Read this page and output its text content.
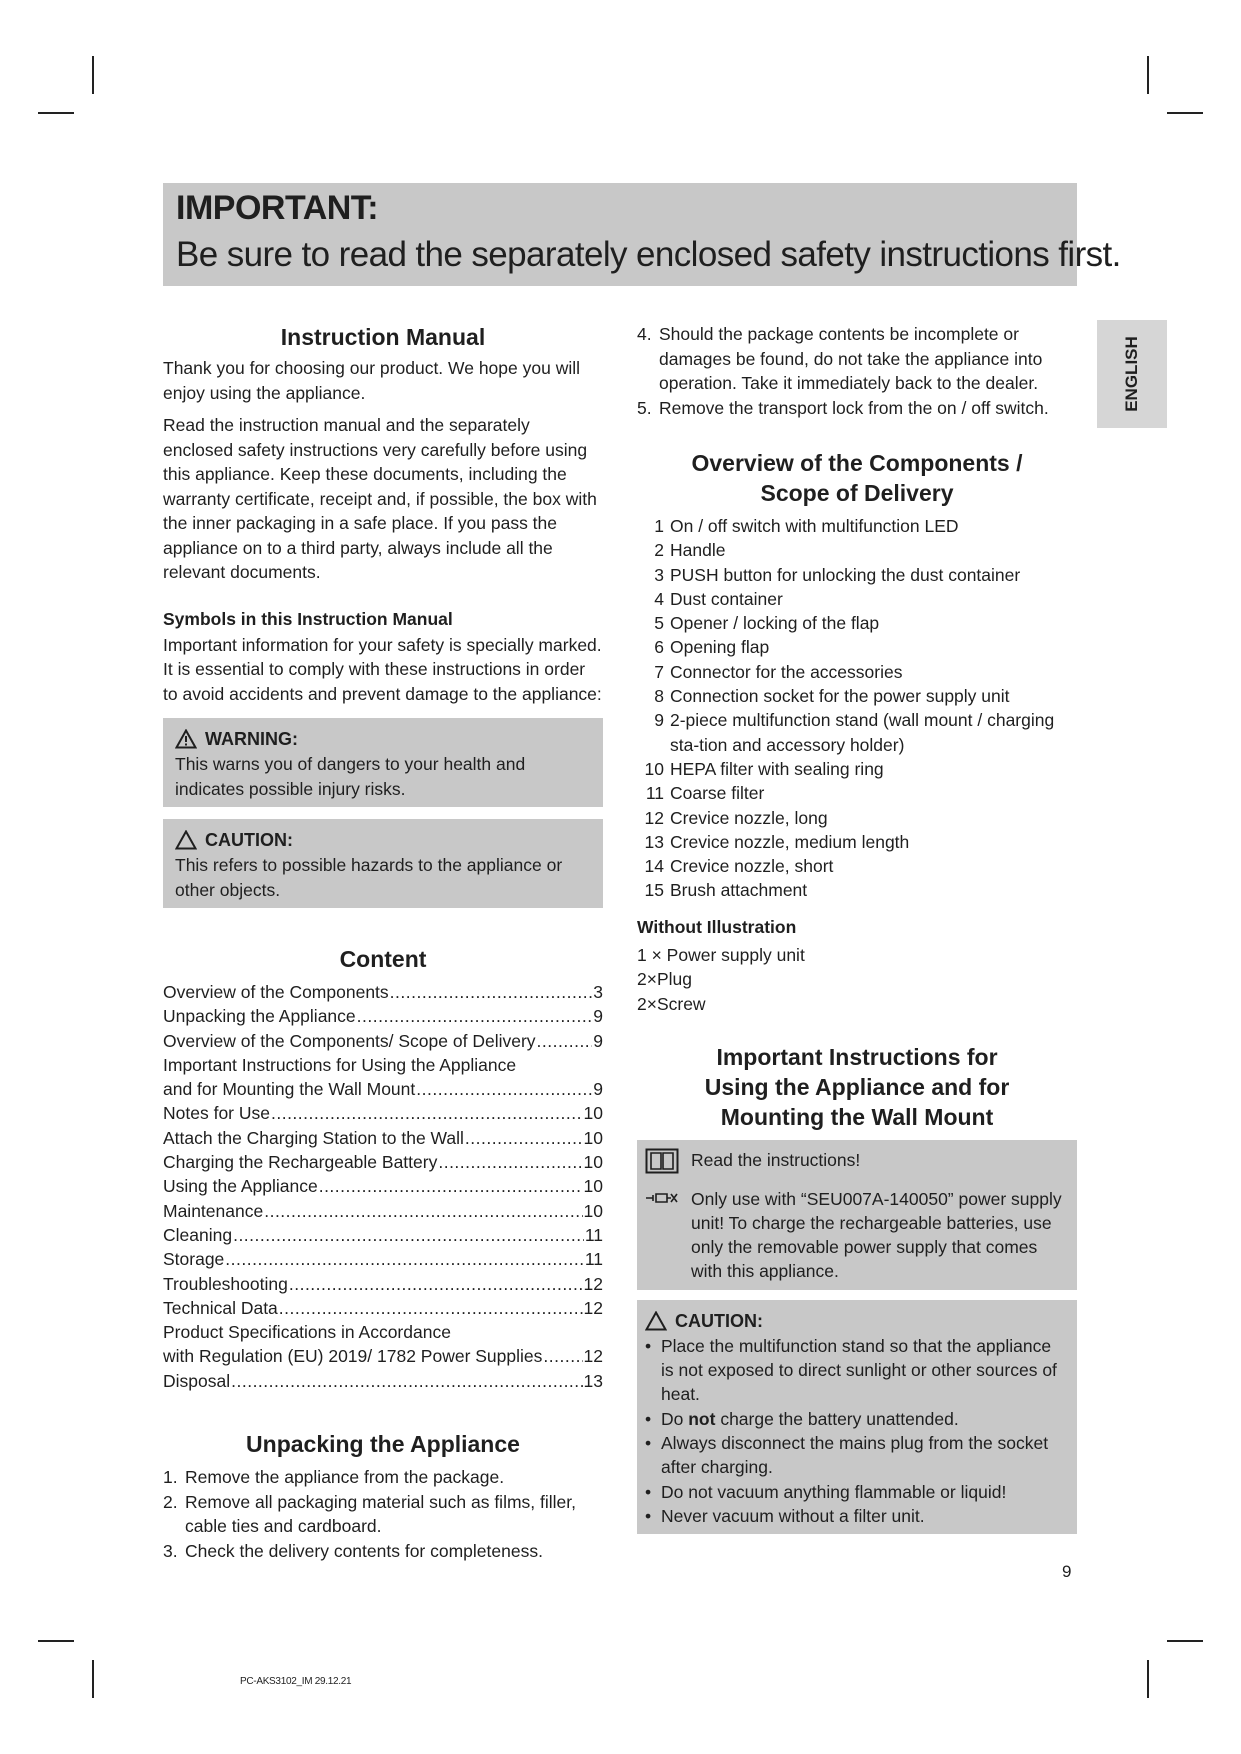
IMPORTANT:
Be sure to read the separately enclosed safety instructions first.
ENGLISH
Instruction Manual

Thank you for choosing our product. We hope you will enjoy using the appliance.

Read the instruction manual and the separately enclosed safety instructions very carefully before using this appliance. Keep these documents, including the warranty certificate, receipt and, if possible, the box with the inner packaging in a safe place. If you pass the appliance on to a third party, always include all the relevant documents.

Symbols in this Instruction Manual

Important information for your safety is specially marked. It is essential to comply with these instructions in order to avoid accidents and prevent damage to the appliance:

WARNING:

This warns you of dangers to your health and indicates possible injury risks.

CAUTION:

This refers to possible hazards to the appliance or other objects.

Content
Overview of the Components .....	3
Unpacking the Appliance .....	9
Overview of the Components/ Scope of Delivery .....	9
Important Instructions for Using the Appliance
and for Mounting the Wall Mount .....	9
Notes for Use .....	10
Attach the Charging Station to the Wall .....	10
Charging the Rechargeable Battery .....	10
Using the Appliance .....	10
Maintenance .....	10
Cleaning .....	11
Storage .....	11
Troubleshooting .....	12
Technical Data .....	12
Product Specifications in Accordance
with Regulation (EU) 2019/ 1782 Power Supplies ..... 12
Disposal .....	13
Unpacking the Appliance
1. Remove the appliance from the package.
2. Remove all packaging material such as films, filler, cable ties and cardboard.
3. Check the delivery contents for completeness.
4. Should the package contents be incomplete or damages be found, do not take the appliance into operation. Take it immediately back to the dealer.
5. Remove the transport lock from the on / off switch.
Overview of the Components /
Scope of Delivery
1 On / off switch with multifunction LED
2 Handle
3 PUSH button for unlocking the dust container
4 Dust container
5 Opener / locking of the flap
6 Opening flap
7 Connector for the accessories
8 Connection socket for the power supply unit
9 2-piece multifunction stand (wall mount / charging sta-tion and accessory holder)
10 HEPA filter with sealing ring
11 Coarse filter
12 Crevice nozzle, long
13 Crevice nozzle, medium length
14 Crevice nozzle, short
15 Brush attachment
Without Illustration

1 × Power supply unit

2×Plug

2×Screw

Important Instructions for
Using the Appliance and for
Mounting the Wall Mount
Read the instructions!
Only use with “SEU007A-140050” power supply unit! To charge the rechargeable batteries, use only the removable power supply that comes with this appliance.
CAUTION:
• Place the multifunction stand so that the appliance is not exposed to direct sunlight or other sources of heat.
• Do not charge the battery unattended.
• Always disconnect the mains plug from the socket after charging.
• Do not vacuum anything flammable or liquid!
• Never vacuum without a filter unit.
9
PC-AKS3102_IM 29.12.21
